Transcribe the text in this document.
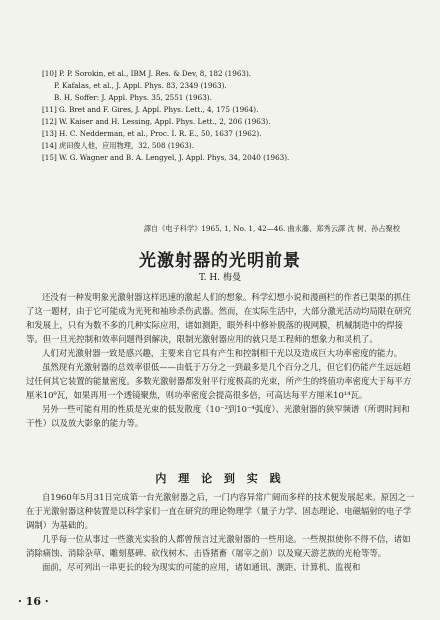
[10] P. P. Sorokin, et al., IBM J. Res. & Dev, 8, 182 (1963).
P. Kafalas, et al., J. Appl. Phys. 83, 2349 (1963).
B. H. Soffer: J. Appl. Phys. 35, 2551 (1963).
[11] G. Bret and F. Gires, J. Appl. Phys. Lett., 4, 175 (1964).
[12] W. Kaiser and H. Lessing, Appl. Phys. Lett., 2, 206 (1963).
[13] H. C. Nedderman, et al., Proc. I. R. E., 50, 1637 (1962).
[14] 虎田俊人他，应用物理，32, 508 (1963).
[15] W. G. Wagner and B. A. Lengyel, J. Appl. Phys, 34, 2040 (1963).
譯自《电子科学》1965, 1, No. 1, 42—46. 曲永藤、郑秀云譯 沈 树、孙占聚校
光激射器的光明前景
T. H. 梅曼

还没有一种发明象光激射器这样迅速的激起人们的想象。科学幻想小说和漫画栏的作者已渠渠的抓住了这一题材，由于它可能成为光死和袖珍杀伤武器。然而，在实际生活中，大部分激光活动均局限在研究和发展上，只有为数不多的几种实际应用，诸如测距，眼外科中修补脱落的视网膜，机械制造中的焊接等。但一旦光控制和效率问题得到解决，限制光激射器应用的就只是工程师的想象力和灵机了。

人们对光激射器一致是感兴趣，主要来自它具有产生和控制相干光以及造成巨大功率密度的能力。

虽然现有光激射器的总效率很低——由低于万分之一到最多是几个百分之几，但它们仍能产生远远超过任何其它装置的能量密度。多数光激射器都发射平行度极高的光束，所产生的终值功率密度大于每平方厘米10⁹瓦，如果再用一个透镜聚焦，则功率密度会提高很多倍，可高达每平方厘米10¹⁴瓦。

另外一些可能有用的性质是光束的低发散度（10⁻²到10⁻⁴弧度）、光激射器的狭窄频谱（所谓时间和干性）以及放大影象的能力等。

内 理 论 到 实 践

自1960年5月31日完成第一台光激射器之后，一门内容异常广阔而多样的技术便发展起来。原因之一在于光激射器这种装置是以科学家们一直在研究的理论物理学（量子力学、固态理论、电磁辐射的电子学调制）为基础的。

几乎每一位从事过一些激光实验的人都曾预言过光激射器的一些用途。一些规拟使你不得不信，诸如消除痛蚀、消除杂草、雕刻墓碑、砍伐树木、击昏猪畜（屠宰之前）以及窥天游艺族的光枪等等。

面前，尽可列出一串更长的较为现实的可能的应用，诸如通讯、测距、计算机、监视和

· 16 ·
